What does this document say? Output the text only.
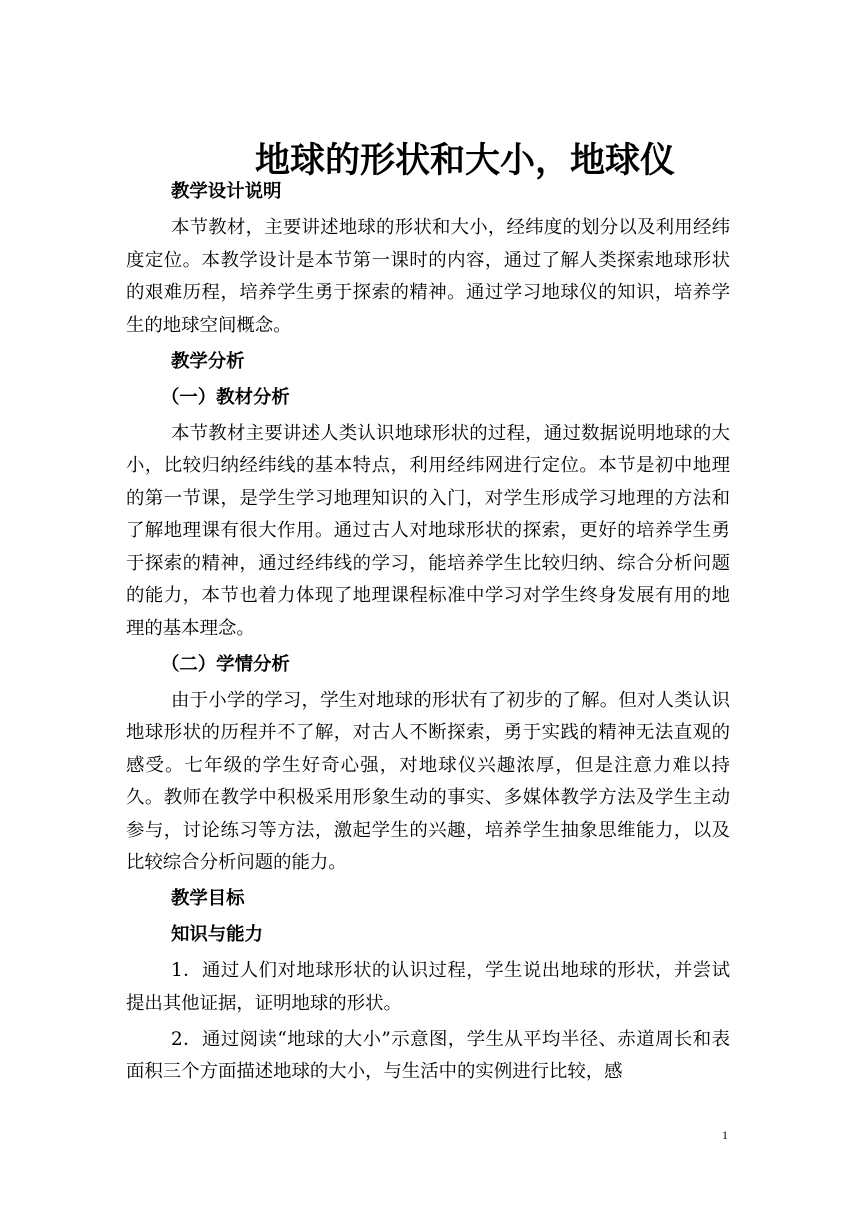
地球的形状和大小，地球仪

教学设计说明

本节教材，主要讲述地球的形状和大小，经纬度的划分以及利用经纬度定位。本教学设计是本节第一课时的内容，通过了解人类探索地球形状的艰难历程，培养学生勇于探索的精神。通过学习地球仪的知识，培养学生的地球空间概念。

教学分析

（一）教材分析

本节教材主要讲述人类认识地球形状的过程，通过数据说明地球的大小，比较归纳经纬线的基本特点，利用经纬网进行定位。本节是初中地理的第一节课，是学生学习地理知识的入门，对学生形成学习地理的方法和了解地理课有很大作用。通过古人对地球形状的探索，更好的培养学生勇于探索的精神，通过经纬线的学习，能培养学生比较归纳、综合分析问题的能力，本节也着力体现了地理课程标准中学习对学生终身发展有用的地理的基本理念。

（二）学情分析

由于小学的学习，学生对地球的形状有了初步的了解。但对人类认识地球形状的历程并不了解，对古人不断探索，勇于实践的精神无法直观的感受。七年级的学生好奇心强，对地球仪兴趣浓厚，但是注意力难以持久。教师在教学中积极采用形象生动的事实、多媒体教学方法及学生主动参与，讨论练习等方法，激起学生的兴趣，培养学生抽象思维能力，以及比较综合分析问题的能力。

教学目标

知识与能力

1．通过人们对地球形状的认识过程，学生说出地球的形状，并尝试提出其他证据，证明地球的形状。

2．通过阅读“地球的大小”示意图，学生从平均半径、赤道周长和表面积三个方面描述地球的大小，与生活中的实例进行比较，感

1
